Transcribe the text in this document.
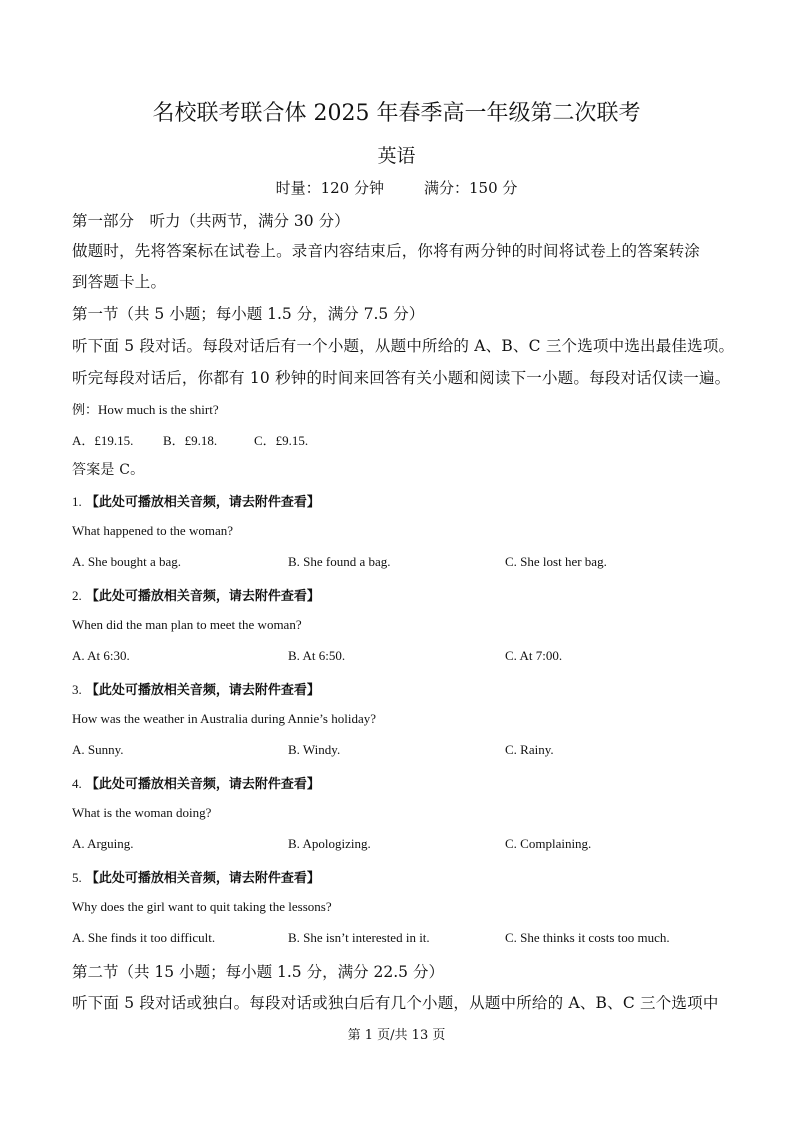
名校联考联合体 2025 年春季高一年级第二次联考
英语
时量：120 分钟	满分：150 分
第一部分　听力（共两节，满分 30 分）
做题时，先将答案标在试卷上。录音内容结束后，你将有两分钟的时间将试卷上的答案转涂
到答题卡上。
第一节（共 5 小题；每小题 1.5 分，满分 7.5 分）
听下面 5 段对话。每段对话后有一个小题，从题中所给的 A、B、C 三个选项中选出最佳选项。
听完每段对话后，你都有 10 秒钟的时间来回答有关小题和阅读下一小题。每段对话仅读一遍。
例：How much is the shirt?
A．£19.15. B．£9.18.	C．£9.15.
答案是 C。
1. 【此处可播放相关音频，请去附件查看】
What happened to the woman?
A. She bought a bag.	B. She found a bag.	C. She lost her bag.
2. 【此处可播放相关音频，请去附件查看】
When did the man plan to meet the woman?
A. At 6:30.	B. At 6:50.	C. At 7:00.
3. 【此处可播放相关音频，请去附件查看】
How was the weather in Australia during Annie’s holiday?
A. Sunny.	B. Windy.	C. Rainy.
4. 【此处可播放相关音频，请去附件查看】
What is the woman doing?
A. Arguing.	B. Apologizing.	C. Complaining.
5. 【此处可播放相关音频，请去附件查看】
Why does the girl want to quit taking the lessons?
A. She finds it too difficult.	B. She isn’t interested in it.	C. She thinks it costs too much.
第二节（共 15 小题；每小题 1.5 分，满分 22.5 分）
听下面 5 段对话或独白。每段对话或独白后有几个小题，从题中所给的 A、B、C 三个选项中
第 1 页/共 13 页
